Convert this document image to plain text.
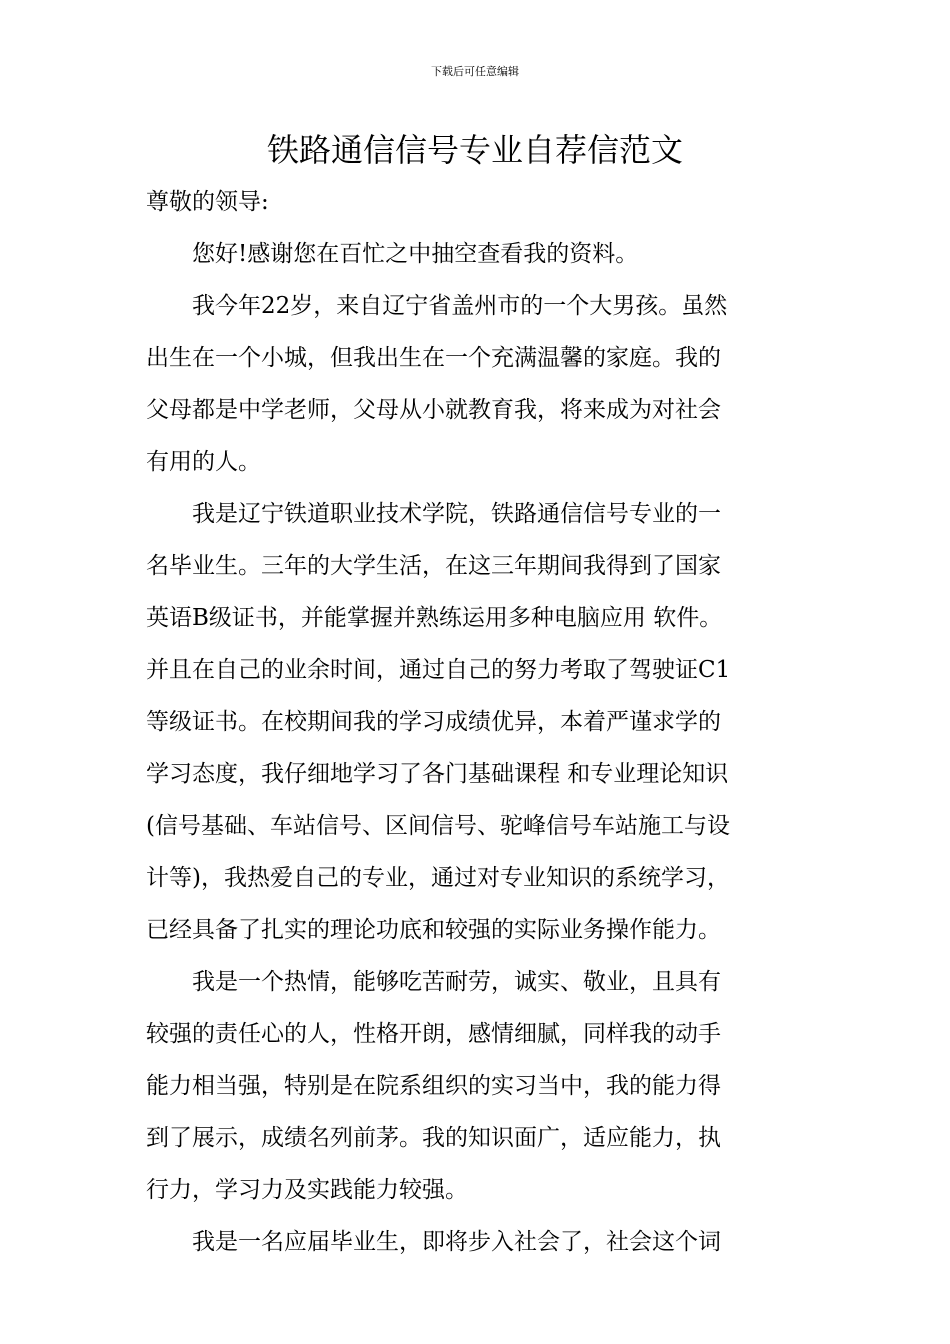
下载后可任意编辑
铁路通信信号专业自荐信范文

尊敬的领导:

您好!感谢您在百忙之中抽空查看我的资料。

我今年22岁，来自辽宁省盖州市的一个大男孩。虽然
出生在一个小城，但我出生在一个充满温馨的家庭。我的
父母都是中学老师，父母从小就教育我，将来成为对社会
有用的人。

我是辽宁铁道职业技术学院，铁路通信信号专业的一
名毕业生。三年的大学生活，在这三年期间我得到了国家
英语B级证书，并能掌握并熟练运用多种电脑应用 软件。
并且在自己的业余时间，通过自己的努力考取了驾驶证C1
等级证书。在校期间我的学习成绩优异，本着严谨求学的
学习态度，我仔细地学习了各门基础课程 和专业理论知识
(信号基础、车站信号、区间信号、驼峰信号车站施工与设
计等)，我热爱自己的专业，通过对专业知识的系统学习，
已经具备了扎实的理论功底和较强的实际业务操作能力。

我是一个热情，能够吃苦耐劳，诚实、敬业，且具有
较强的责任心的人，性格开朗，感情细腻，同样我的动手
能力相当强，特别是在院系组织的实习当中，我的能力得
到了展示，成绩名列前茅。我的知识面广，适应能力，执
行力，学习力及实践能力较强。

我是一名应届毕业生，即将步入社会了，社会这个词
